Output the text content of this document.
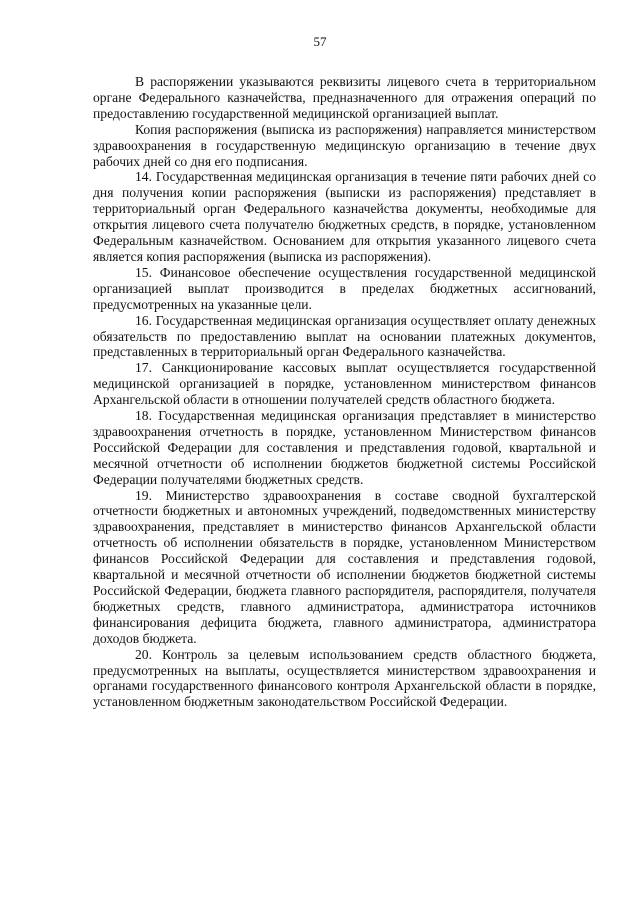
57

В распоряжении указываются реквизиты лицевого счета в территориальном органе Федерального казначейства, предназначенного для отражения операций по предоставлению государственной медицинской организацией выплат.

Копия распоряжения (выписка из распоряжения) направляется министерством здравоохранения в государственную медицинскую организацию в течение двух рабочих дней со дня его подписания.

14. Государственная медицинская организация в течение пяти рабочих дней со дня получения копии распоряжения (выписки из распоряжения) представляет в территориальный орган Федерального казначейства документы, необходимые для открытия лицевого счета получателю бюджетных средств, в порядке, установленном Федеральным казначейством. Основанием для открытия указанного лицевого счета является копия распоряжения (выписка из распоряжения).

15. Финансовое обеспечение осуществления государственной медицинской организацией выплат производится в пределах бюджетных ассигнований, предусмотренных на указанные цели.

16. Государственная медицинская организация осуществляет оплату денежных обязательств по предоставлению выплат на основании платежных документов, представленных в территориальный орган Федерального казначейства.

17. Санкционирование кассовых выплат осуществляется государственной медицинской организацией в порядке, установленном министерством финансов Архангельской области в отношении получателей средств областного бюджета.

18. Государственная медицинская организация представляет в министерство здравоохранения отчетность в порядке, установленном Министерством финансов Российской Федерации для составления и представления годовой, квартальной и месячной отчетности об исполнении бюджетов бюджетной системы Российской Федерации получателями бюджетных средств.

19. Министерство здравоохранения в составе сводной бухгалтерской отчетности бюджетных и автономных учреждений, подведомственных министерству здравоохранения, представляет в министерство финансов Архангельской области отчетность об исполнении обязательств в порядке, установленном Министерством финансов Российской Федерации для составления и представления годовой, квартальной и месячной отчетности об исполнении бюджетов бюджетной системы Российской Федерации, бюджета главного распорядителя, распорядителя, получателя бюджетных средств, главного администратора, администратора источников финансирования дефицита бюджета, главного администратора, администратора доходов бюджета.

20. Контроль за целевым использованием средств областного бюджета, предусмотренных на выплаты, осуществляется министерством здравоохранения и органами государственного финансового контроля Архангельской области в порядке, установленном бюджетным законодательством Российской Федерации.
